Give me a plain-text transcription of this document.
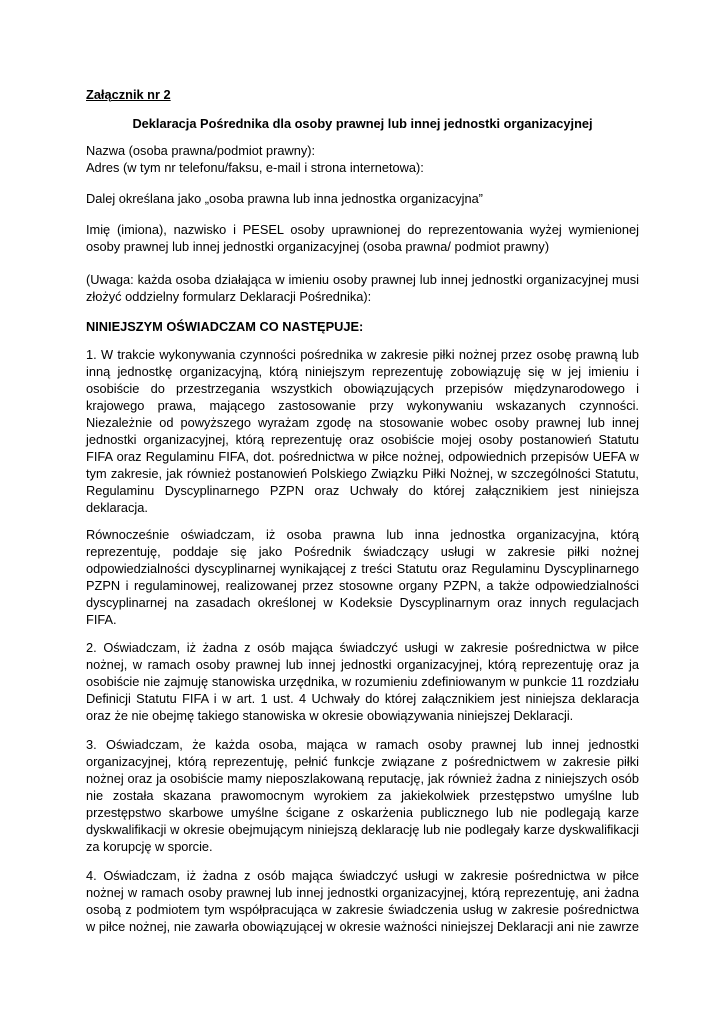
Załącznik nr 2
Deklaracja Pośrednika dla osoby prawnej lub innej jednostki organizacyjnej
Nazwa (osoba prawna/podmiot prawny):
Adres (w tym nr telefonu/faksu, e-mail i strona internetowa):
Dalej określana jako „osoba prawna lub inna jednostka organizacyjna”
Imię (imiona), nazwisko i PESEL osoby uprawnionej do reprezentowania wyżej wymienionej
osoby prawnej lub innej jednostki organizacyjnej (osoba prawna/ podmiot prawny)
(Uwaga: każda osoba działająca w imieniu osoby prawnej lub innej jednostki organizacyjnej musi
złożyć oddzielny formularz Deklaracji Pośrednika):
NINIEJSZYM OŚWIADCZAM CO NASTĘPUJE:
1. W trakcie wykonywania czynności pośrednika w zakresie piłki nożnej przez osobę prawną lub
inną jednostkę organizacyjną, którą niniejszym reprezentuję zobowiązuję się w jej imieniu i
osobiście do przestrzegania wszystkich obowiązujących przepisów międzynarodowego i
krajowego prawa, mającego zastosowanie przy wykonywaniu wskazanych czynności.
Niezależnie od powyższego wyrażam zgodę na stosowanie wobec osoby prawnej lub innej
jednostki organizacyjnej, którą reprezentuję oraz osobiście mojej osoby postanowień Statutu
FIFA oraz Regulaminu FIFA, dot. pośrednictwa w piłce nożnej, odpowiednich przepisów UEFA w
tym zakresie, jak również postanowień Polskiego Związku Piłki Nożnej, w szczególności Statutu,
Regulaminu Dyscyplinarnego PZPN oraz Uchwały do której załącznikiem jest niniejsza
deklaracja.
Równocześnie oświadczam, iż osoba prawna lub inna jednostka organizacyjna, którą
reprezentuję, poddaje się jako Pośrednik świadczący usługi w zakresie piłki nożnej
odpowiedzialności dyscyplinarnej wynikającej z treści Statutu oraz Regulaminu Dyscyplinarnego
PZPN i regulaminowej, realizowanej przez stosowne organy PZPN, a także odpowiedzialności
dyscyplinarnej na zasadach określonej w Kodeksie Dyscyplinarnym oraz innych regulacjach
FIFA.
2. Oświadczam, iż żadna z osób mająca świadczyć usługi w zakresie pośrednictwa w piłce
nożnej, w ramach osoby prawnej lub innej jednostki organizacyjnej, którą reprezentuję oraz ja
osobiście nie zajmuję stanowiska urzędnika, w rozumieniu zdefiniowanym w punkcie 11 rozdziału
Definicji Statutu FIFA i w art. 1 ust. 4 Uchwały do której załącznikiem jest niniejsza deklaracja
oraz że nie obejmę takiego stanowiska w okresie obowiązywania niniejszej Deklaracji.
3. Oświadczam, że każda osoba, mająca w ramach osoby prawnej lub innej jednostki
organizacyjnej, którą reprezentuję, pełnić funkcje związane z pośrednictwem w zakresie piłki
nożnej oraz ja osobiście mamy nieposzlakowaną reputację, jak również żadna z niniejszych osób
nie została skazana prawomocnym wyrokiem za jakiekolwiek przestępstwo umyślne lub
przestępstwo skarbowe umyślne ścigane z oskarżenia publicznego lub nie podlegają karze
dyskwalifikacji w okresie obejmującym niniejszą deklarację lub nie podlegały karze dyskwalifikacji
za korupcję w sporcie.
4. Oświadczam, iż żadna z osób mająca świadczyć usługi w zakresie pośrednictwa w piłce
nożnej w ramach osoby prawnej lub innej jednostki organizacyjnej, którą reprezentuję, ani żadna
osobą z podmiotem tym współpracująca w zakresie świadczenia usług w zakresie pośrednictwa
w piłce nożnej, nie zawarła obowiązującej w okresie ważności niniejszej Deklaracji ani nie zawrze
